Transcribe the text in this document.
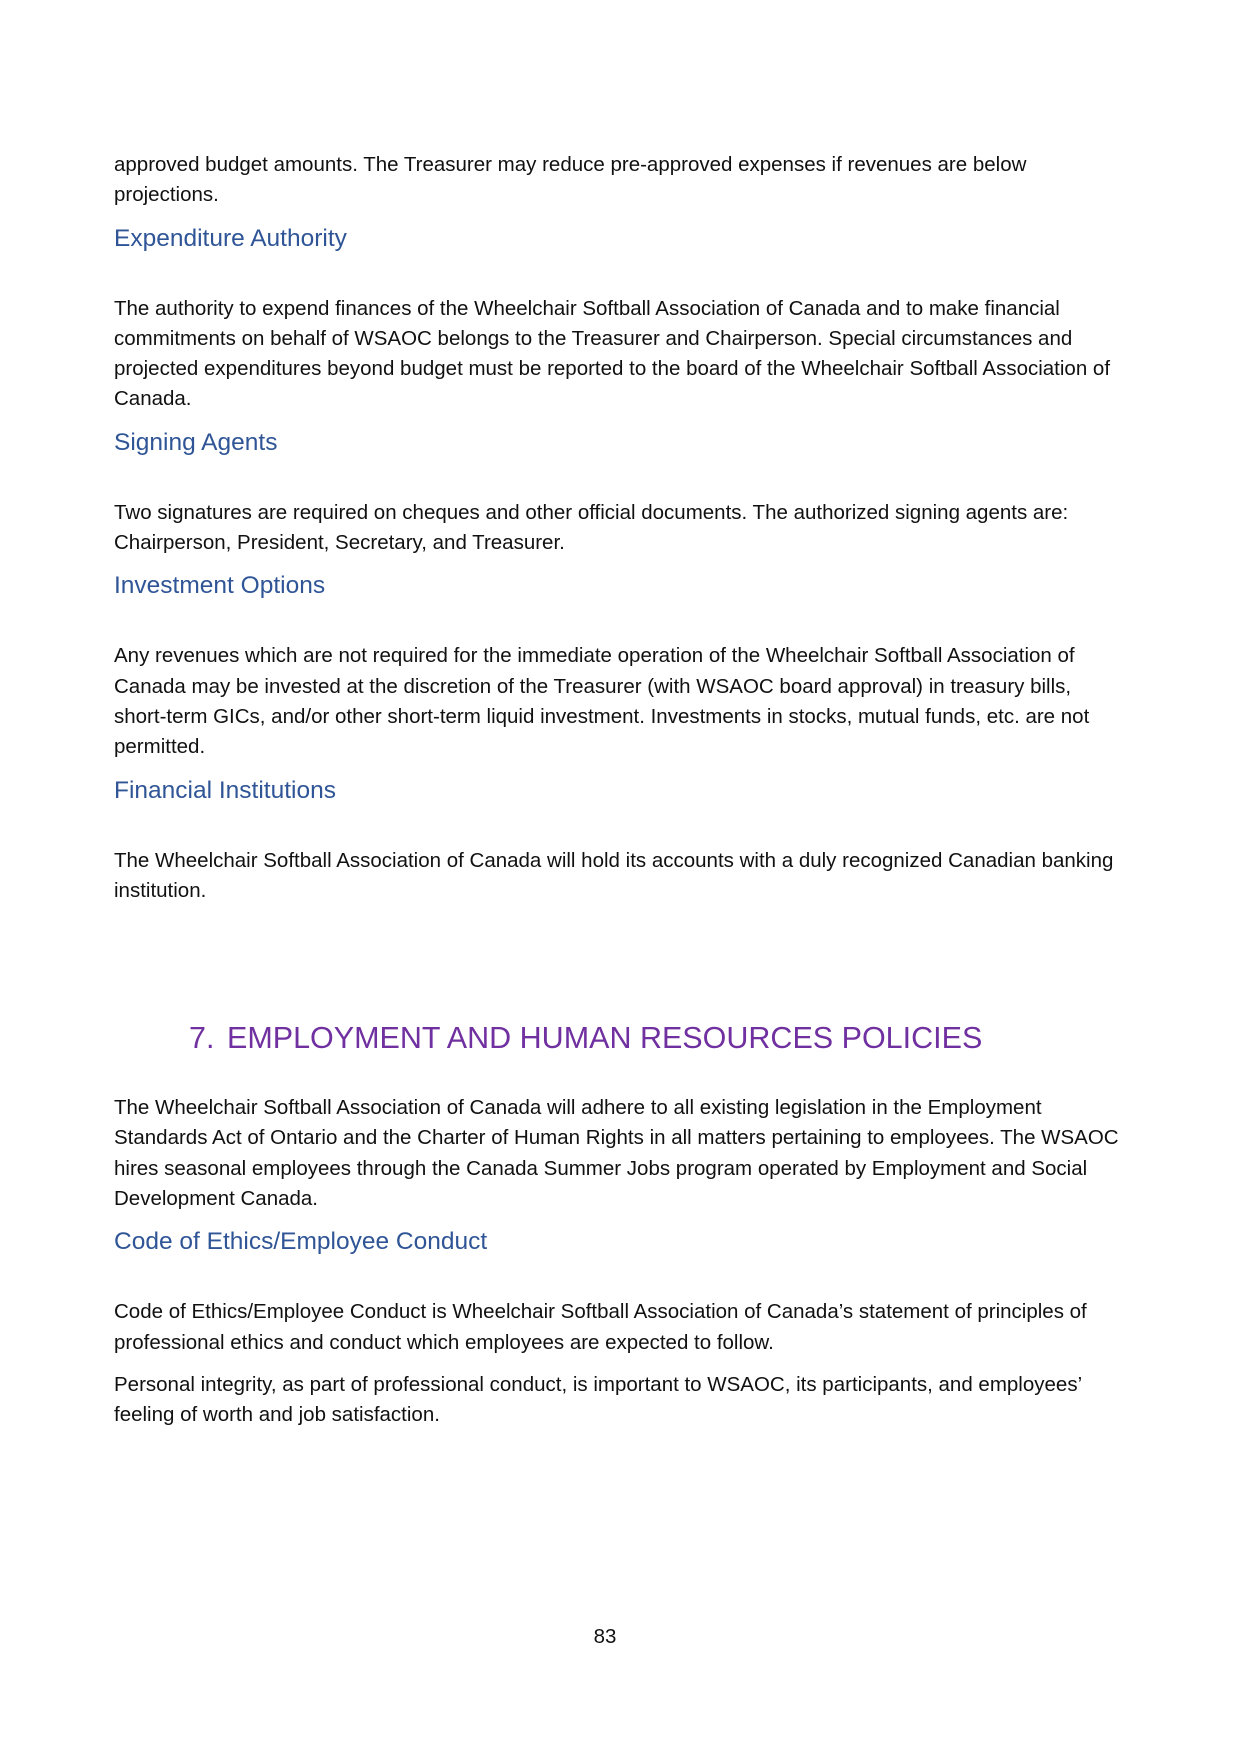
approved budget amounts. The Treasurer may reduce pre-approved expenses if revenues are below projections.

Expenditure Authority

The authority to expend finances of the Wheelchair Softball Association of Canada and to make financial commitments on behalf of WSAOC belongs to the Treasurer and Chairperson. Special circumstances and projected expenditures beyond budget must be reported to the board of the Wheelchair Softball Association of Canada.

Signing Agents

Two signatures are required on cheques and other official documents. The authorized signing agents are: Chairperson, President, Secretary, and Treasurer.

Investment Options

Any revenues which are not required for the immediate operation of the Wheelchair Softball Association of Canada may be invested at the discretion of the Treasurer (with WSAOC board approval) in treasury bills, short-term GICs, and/or other short-term liquid investment. Investments in stocks, mutual funds, etc. are not permitted.

Financial Institutions

The Wheelchair Softball Association of Canada will hold its accounts with a duly recognized Canadian banking institution.

7. EMPLOYMENT AND HUMAN RESOURCES POLICIES

The Wheelchair Softball Association of Canada will adhere to all existing legislation in the Employment Standards Act of Ontario and the Charter of Human Rights in all matters pertaining to employees. The WSAOC hires seasonal employees through the Canada Summer Jobs program operated by Employment and Social Development Canada.

Code of Ethics/Employee Conduct

Code of Ethics/Employee Conduct is Wheelchair Softball Association of Canada’s statement of principles of professional ethics and conduct which employees are expected to follow.

Personal integrity, as part of professional conduct, is important to WSAOC, its participants, and employees’ feeling of worth and job satisfaction.

83
